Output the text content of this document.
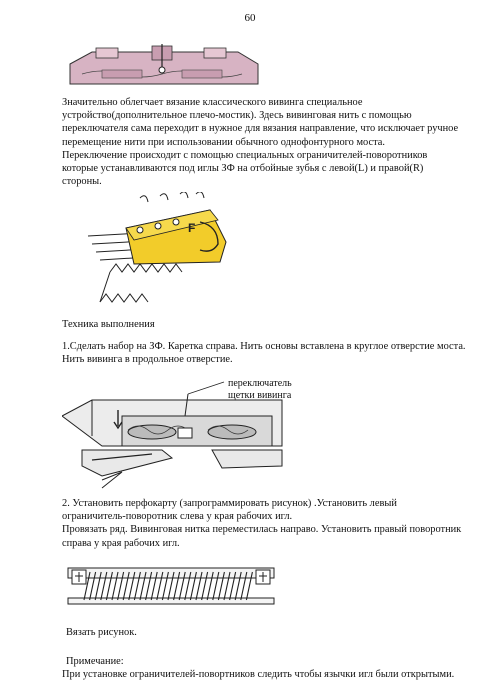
60
Значительно облегчает вязание классического вивинга специальное
устройство(дополнительное плечо-мостик). Здесь вивинговая нить с помощью
переключателя сама переходит в нужное для вязания направление, что исключает ручное
перемещение нити при использовании обычного однофонтурного моста.
Переключение происходит с помощью специальных ограничителей-поворотников
которые устанавливаются под иглы ЗФ на отбойные зубья с левой(L) и правой(R)
стороны.
F
Техника выполнения
1.Сделать набор на ЗФ. Каретка справа. Нить основы вставлена в круглое отверстие моста.
Нить вивинга в продольное отверстие.
переключатель
щетки вивинга
2. Установить перфокарту (запрограммировать рисунок) .Установить левый
ограничитель-поворотник слева у края рабочих игл.
Провязать ряд. Вивинговая нитка переместилась направо. Установить правый поворотник
справа у края рабочих игл.
Вязать рисунок.
Примечание:
При установке ограничителей-повортников следить чтобы язычки игл были открытыми.
